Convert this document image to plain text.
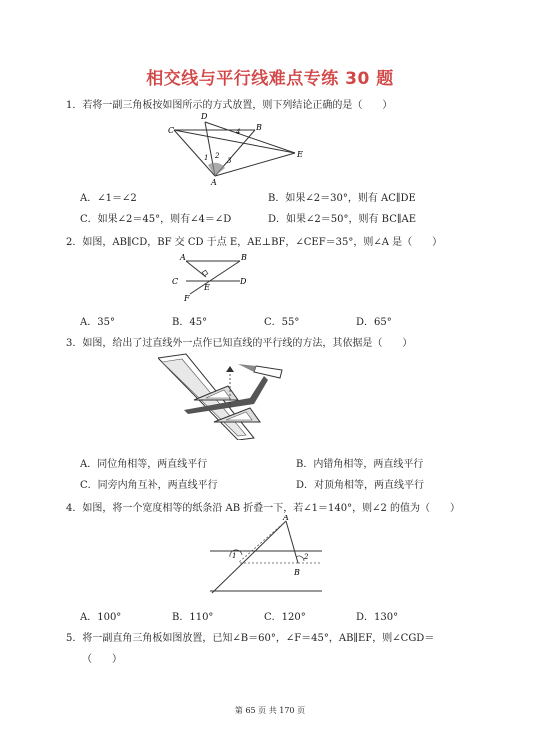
相交线与平行线难点专练 30 题
1．若将一副三角板按如图所示的方式放置，则下列结论正确的是（　　）
C
D
B
E
A
1 2
3
4
A．∠1＝∠2	B．如果∠2＝30°，则有 AC∥DE
C．如果∠2＝45°，则有∠4＝∠D	D．如果∠2＝50°，则有 BC∥AE
2．如图，AB∥CD，BF 交 CD 于点 E，AE⊥BF，∠CEF＝35°，则∠A 是（　　）
A	B
C	D
E
F
A．35°	B．45°	C．55°	D．65°
3．如图，给出了过直线外一点作已知直线的平行线的方法，其依据是（　　）
A．同位角相等，两直线平行	B．内错角相等，两直线平行
C．同旁内角互补，两直线平行	D．对顶角相等，两直线平行
4．如图，将一个宽度相等的纸条沿 AB 折叠一下，若∠1＝140°，则∠2 的值为（　　）
A
B
1	2
A．100°	B．110°	C．120°	D．130°
5．将一副直角三角板如图放置，已知∠B＝60°，∠F＝45°，AB∥EF，则∠CGD＝
（　　）
第 65 页 共 170 页
